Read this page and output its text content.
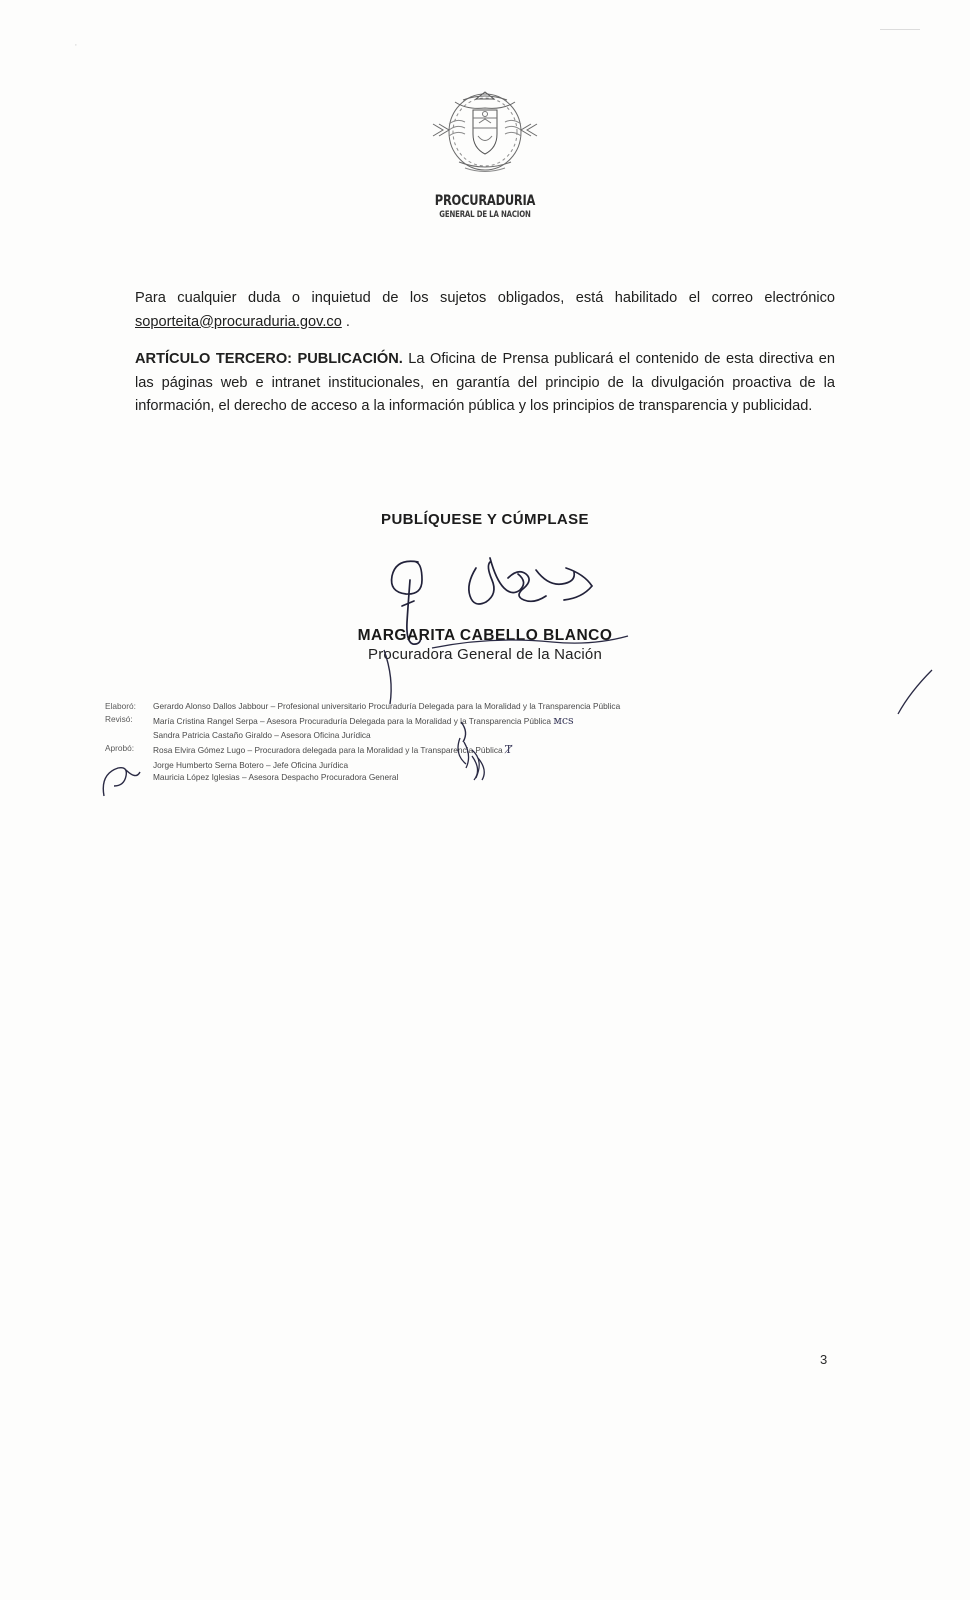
·
PROCURADURIA
GENERAL DE LA NACION
Para cualquier duda o inquietud de los sujetos obligados, está habilitado el correo electrónico soporteita@procuraduria.gov.co .
ARTÍCULO TERCERO: PUBLICACIÓN. La Oficina de Prensa publicará el contenido de esta directiva en las páginas web e intranet institucionales, en garantía del principio de la divulgación proactiva de la información, el derecho de acceso a la información pública y los principios de transparencia y publicidad.
PUBLÍQUESE Y CÚMPLASE
MARGARITA CABELLO BLANCO
Procuradora General de la Nación
Elaboró:	Gerardo Alonso Dallos Jabbour – Profesional universitario Procuraduría Delegada para la Moralidad y la Transparencia Pública
Revisó:	María Cristina Rangel Serpa – Asesora Procuraduría Delegada para la Moralidad y la Transparencia Pública мсѕ
Sandra Patricia Castaño Giraldo – Asesora Oficina Jurídica
Aprobó:	Rosa Elvira Gómez Lugo – Procuradora delegada para la Moralidad y la Transparencia Pública Ⱦ
Jorge Humberto Serna Botero – Jefe Oficina Jurídica
Mauricia López Iglesias – Asesora Despacho Procuradora General
3
